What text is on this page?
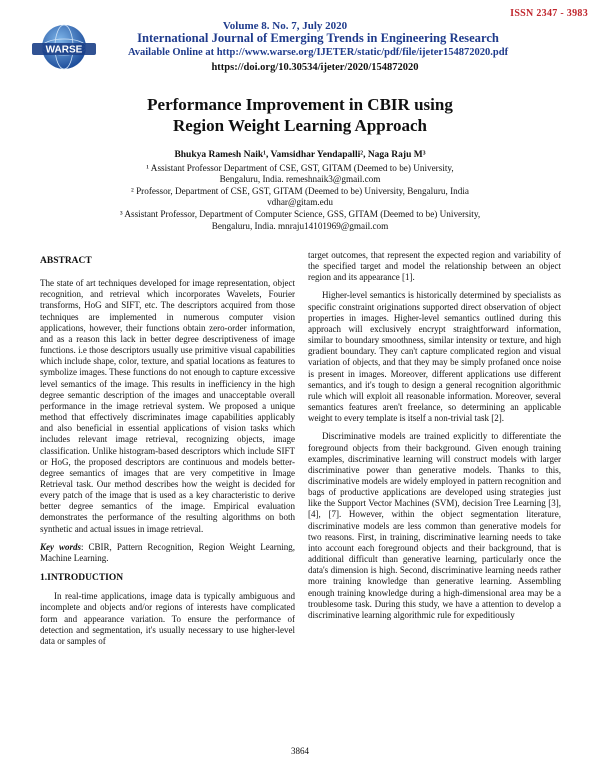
WARSE
Volume 8. No. 7, July 2020
ISSN 2347 - 3983
International Journal of Emerging Trends in Engineering Research
Available Online at http://www.warse.org/IJETER/static/pdf/file/ijeter154872020.pdf
https://doi.org/10.30534/ijeter/2020/154872020
Performance Improvement in CBIR using
Region Weight Learning Approach
Bhukya Ramesh Naik¹, Vamsidhar Yendapalli², Naga Raju M³
¹ Assistant Professor Department of CSE, GST, GITAM (Deemed to be) University,
Bengaluru, India. remeshnaik3@gmail.com
² Professor, Department of CSE, GST, GITAM (Deemed to be) University, Bengaluru, India
vdhar@gitam.edu
³ Assistant Professor, Department of Computer Science, GSS, GITAM (Deemed to be) University,
Bengaluru, India. mnraju14101969@gmail.com
ABSTRACT

The state of art techniques developed for image representation, object recognition, and retrieval which incorporates Wavelets, Fourier transforms, HoG and SIFT, etc. The descriptors acquired from those techniques are implemented in numerous computer vision applications, however, their functions obtain zero-order information, and as a reason this lack in better degree descriptiveness of image functions. i.e those descriptors usually use primitive visual capabilities which include shape, color, texture, and spatial locations as features to symbolize images. These functions do not enough to capture excessive level semantics of the image. This results in inefficiency in the high degree semantic description of the images and unacceptable overall performance in the image retrieval system. We proposed a unique method that effectively discriminates image capabilities applicably and also beneficial in essential applications of vision tasks which includes relevant image retrieval, recognizing objects, image classification. Unlike histogram-based descriptors which include SIFT or HoG, the proposed descriptors are continuous and models better-degree semantics of images that are very competitive in Image Retrieval task. Our method describes how the weight is decided for every patch of the image that is used as a key characteristic to derive better degree semantics of the image. Empirical evaluation demonstrates the performance of the resulting algorithms on both synthetic and actual issues in image retrieval.

Key words: CBIR, Pattern Recognition, Region Weight Learning, Machine Learning.

1.INTRODUCTION

In real-time applications, image data is typically ambiguous and incomplete and objects and/or regions of interests have complicated form and appearance variation. To ensure the performance of detection and segmentation, it's usually necessary to use higher-level data or samples of

target outcomes, that represent the expected region and variability of the specified target and model the relationship between an object region and its appearance [1].

Higher-level semantics is historically determined by specialists as specific constraint originations supported direct observation of object properties in images. Higher-level semantics outlined during this approach will exclusively encrypt straightforward information, similar to boundary smoothness, similar intensity or texture, and high gradient boundary. They can't capture complicated region and visual variation of objects, and that they may be simply profaned once noise is present in images. Moreover, different applications use different semantics, and it's tough to design a general recognition algorithmic rule which will exploit all reasonable information. Moreover, several semantics features aren't freelance, so determining an applicable weight to every template is itself a non-trivial task [2].

Discriminative models are trained explicitly to differentiate the foreground objects from their background. Given enough training examples, discriminative learning will construct models with larger discriminative power than generative models. Thanks to this, discriminative models are widely employed in pattern recognition and bags of productive applications are developed using strategies just like the Support Vector Machines (SVM), decision Tree Learning [3], [4], [7]. However, within the object segmentation literature, discriminative models are less common than generative models for two reasons. First, in training, discriminative learning needs to take into account each foreground objects and their background, that is additional difficult than generative learning, particularly once the data's dimension is high. Second, discriminative learning needs rather more training knowledge than generative learning. Assembling enough training knowledge during a high-dimensional area may be a troublesome task. During this study, we have a attention to develop a discriminative learning algorithmic rule for expeditiously

3864
